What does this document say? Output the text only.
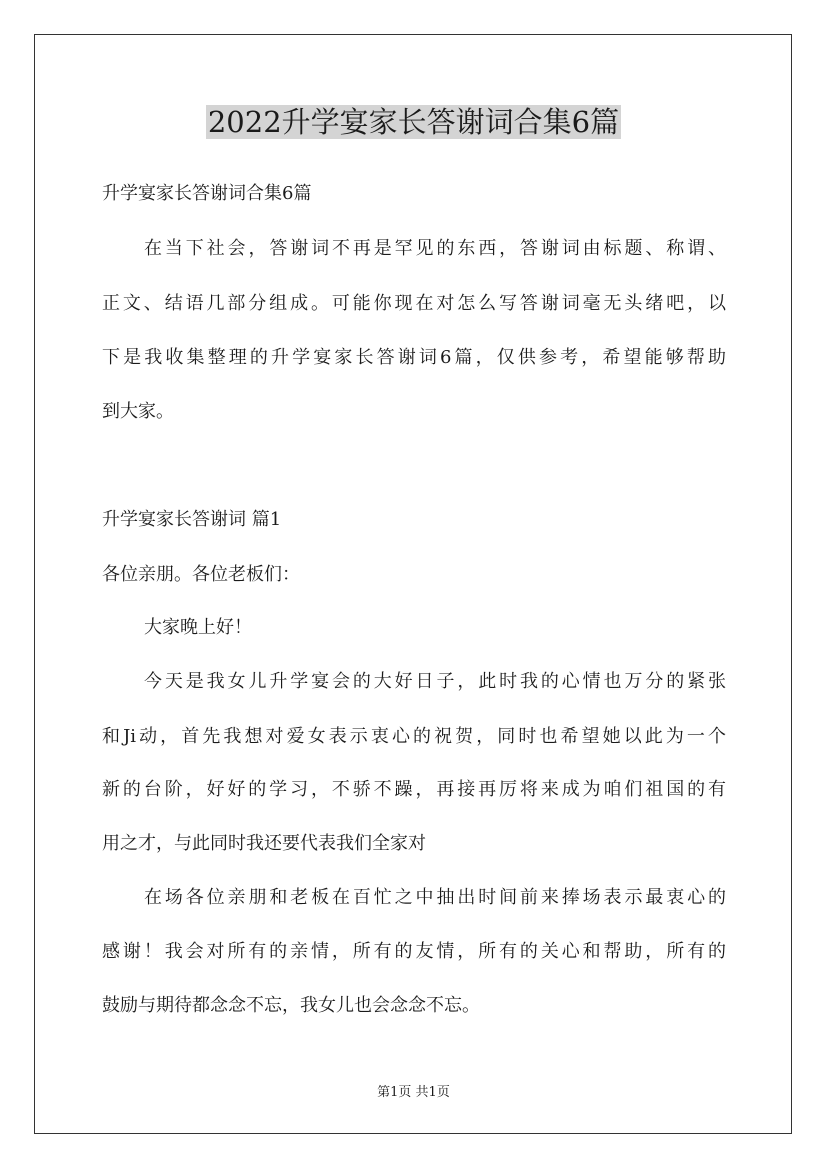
2022升学宴家长答谢词合集6篇
升学宴家长答谢词合集6篇
在当下社会，答谢词不再是罕见的东西，答谢词由标题、称谓、
正文、结语几部分组成。可能你现在对怎么写答谢词毫无头绪吧，以
下是我收集整理的升学宴家长答谢词6篇，仅供参考，希望能够帮助
到大家。
升学宴家长答谢词 篇1
各位亲朋。各位老板们：
大家晚上好！
今天是我女儿升学宴会的大好日子，此时我的心情也万分的紧张
和Ji动，首先我想对爱女表示衷心的祝贺，同时也希望她以此为一个
新的台阶，好好的学习，不骄不躁，再接再厉将来成为咱们祖国的有
用之才，与此同时我还要代表我们全家对
在场各位亲朋和老板在百忙之中抽出时间前来捧场表示最衷心的
感谢！我会对所有的亲情，所有的友情，所有的关心和帮助，所有的
鼓励与期待都念念不忘，我女儿也会念念不忘。
第1页 共1页
